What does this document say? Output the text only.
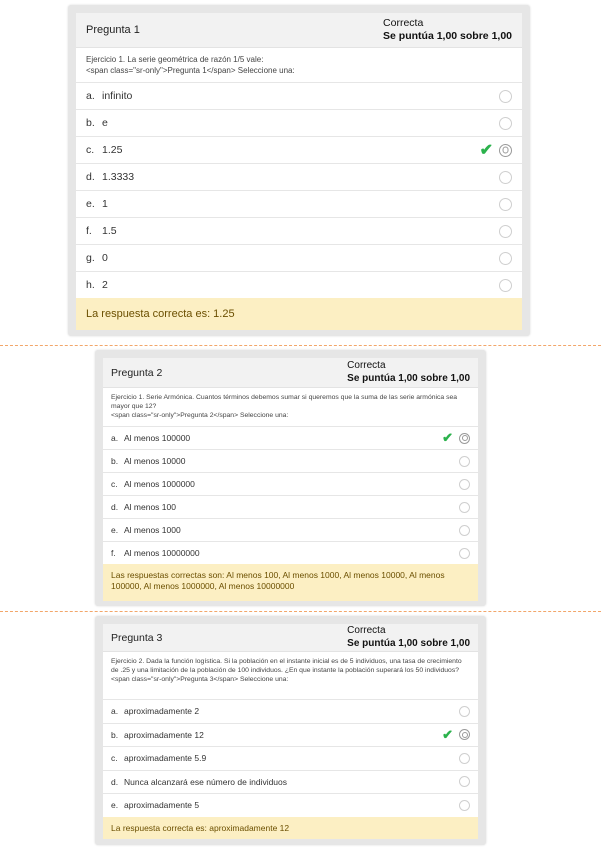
Pregunta 1
Correcta
Se puntúa 1,00 sobre 1,00
Ejercicio 1. La serie geométrica de razón 1/5 vale:
<span class="sr-only">Pregunta 1</span> Seleccione una:
a. infinito
b. e
c. 1.25	✔
d. 1.3333
e. 1
f. 1.5
g. 0
h. 2
La respuesta correcta es: 1.25
Pregunta 2
Correcta
Se puntúa 1,00 sobre 1,00
Ejercicio 1. Serie Armónica. Cuantos términos debemos sumar si queremos que la suma de las serie armónica sea mayor que 12?
<span class="sr-only">Pregunta 2</span> Seleccione una:
a. Al menos 100000	✔
b. Al menos 10000
c. Al menos 1000000
d. Al menos 100
e. Al menos 1000
f. Al menos 10000000
Las respuestas correctas son: Al menos 100, Al menos 1000, Al menos 10000, Al menos 100000, Al menos 1000000, Al menos 10000000
Pregunta 3
Correcta
Se puntúa 1,00 sobre 1,00
Ejercicio 2. Dada la función logística. Si la población en el instante inicial es de 5 individuos, una tasa de crecimiento de .25 y una limitación de la población de 100 individuos. ¿En que instante la población superará los 50 individuos?
<span class="sr-only">Pregunta 3</span> Seleccione una:
a. aproximadamente 2
b. aproximadamente 12	✔
c. aproximadamente 5.9
d. Nunca alcanzará ese número de individuos
e. aproximadamente 5
La respuesta correcta es: aproximadamente 12
